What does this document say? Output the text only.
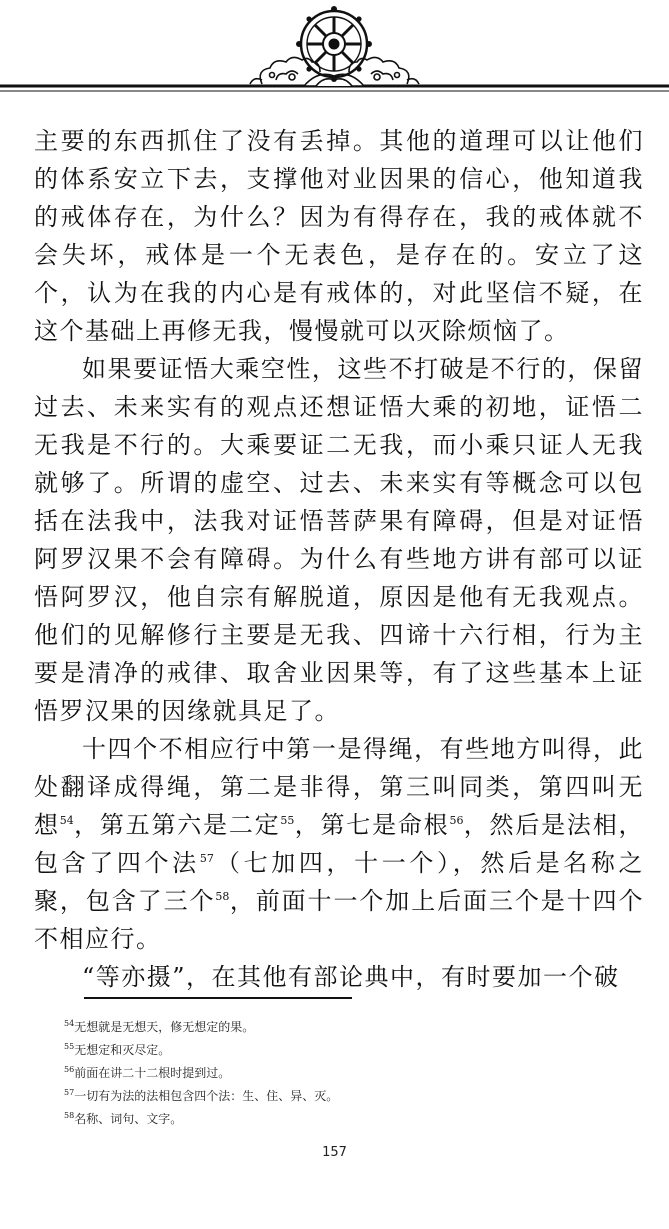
主要的东西抓住了没有丢掉。其他的道理可以让他们的体系安立下去，支撑他对业因果的信心，他知道我的戒体存在，为什么？因为有得存在，我的戒体就不会失坏，戒体是一个无表色，是存在的。安立了这个，认为在我的内心是有戒体的，对此坚信不疑，在这个基础上再修无我，慢慢就可以灭除烦恼了。

如果要证悟大乘空性，这些不打破是不行的，保留过去、未来实有的观点还想证悟大乘的初地，证悟二无我是不行的。大乘要证二无我，而小乘只证人无我就够了。所谓的虚空、过去、未来实有等概念可以包括在法我中，法我对证悟菩萨果有障碍，但是对证悟阿罗汉果不会有障碍。为什么有些地方讲有部可以证悟阿罗汉，他自宗有解脱道，原因是他有无我观点。他们的见解修行主要是无我、四谛十六行相，行为主要是清净的戒律、取舍业因果等，有了这些基本上证悟罗汉果的因缘就具足了。

十四个不相应行中第一是得绳，有些地方叫得，此处翻译成得绳，第二是非得，第三叫同类，第四叫无想$^{54}$，第五第六是二定$^{55}$，第七是命根$^{56}$，然后是法相，包含了四个法$^{57}$（七加四，十一个），然后是名称之聚，包含了三个$^{58}$，前面十一个加上后面三个是十四个不相应行。

“等亦摄”，在其他有部论典中，有时要加一个破

$^{54}$无想就是无想天，修无想定的果。

$^{55}$无想定和灭尽定。

$^{56}$前面在讲二十二根时提到过。

$^{57}$一切有为法的法相包含四个法：生、住、异、灭。

$^{58}$名称、词句、文字。

157
